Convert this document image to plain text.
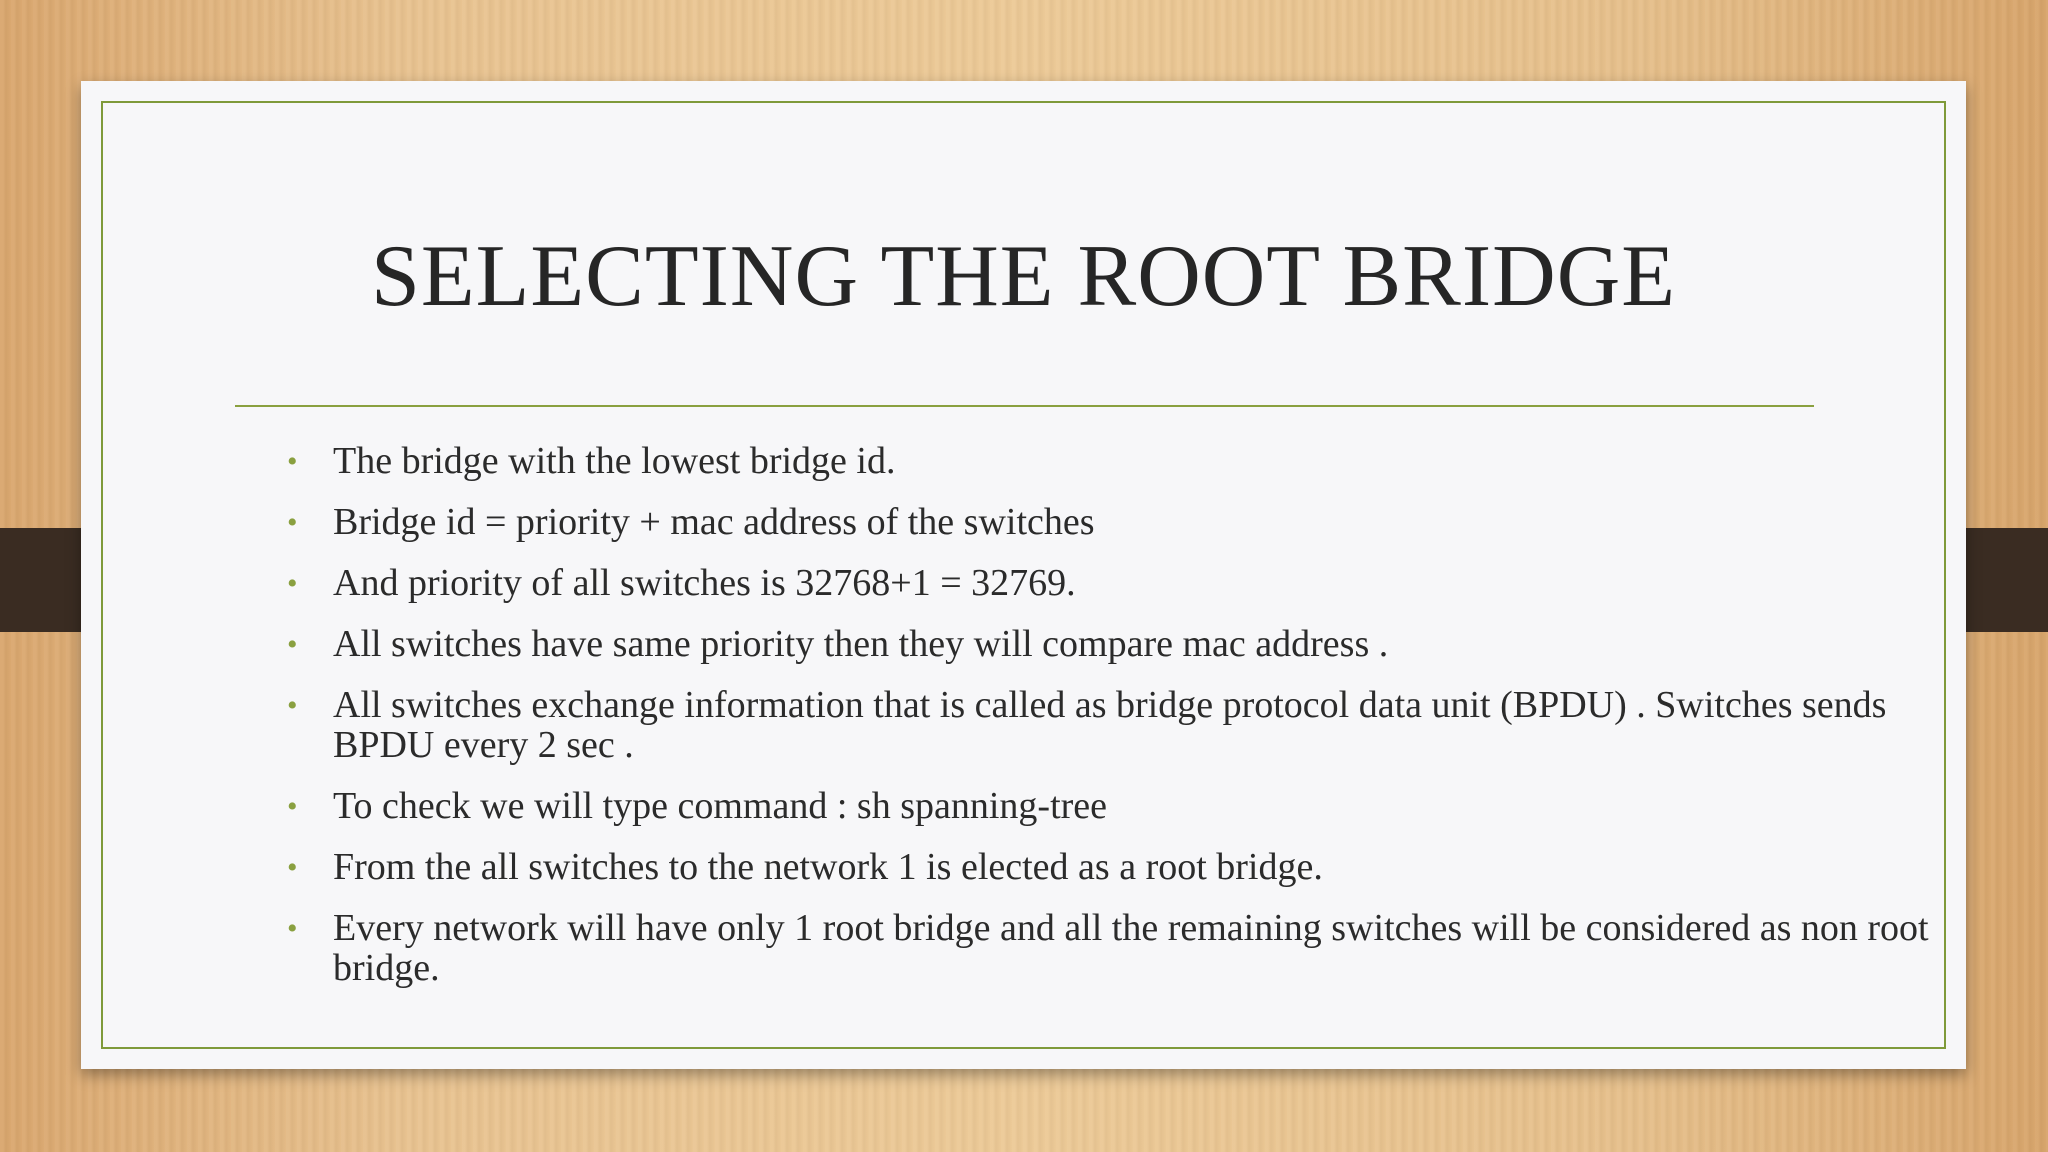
SELECTING THE ROOT BRIDGE
• The bridge with the lowest bridge id.
• Bridge id = priority + mac address of the switches
• And priority of all switches is 32768+1 = 32769.
• All switches have same priority then they will compare mac address .
• All switches exchange information that is called as bridge protocol data unit (BPDU) . Switches sends BPDU every 2 sec .
• To check we will type command : sh spanning-tree
• From the all switches to the network 1 is elected as a root bridge.
• Every network will have only 1 root bridge and all the remaining switches will be considered as non root bridge.
